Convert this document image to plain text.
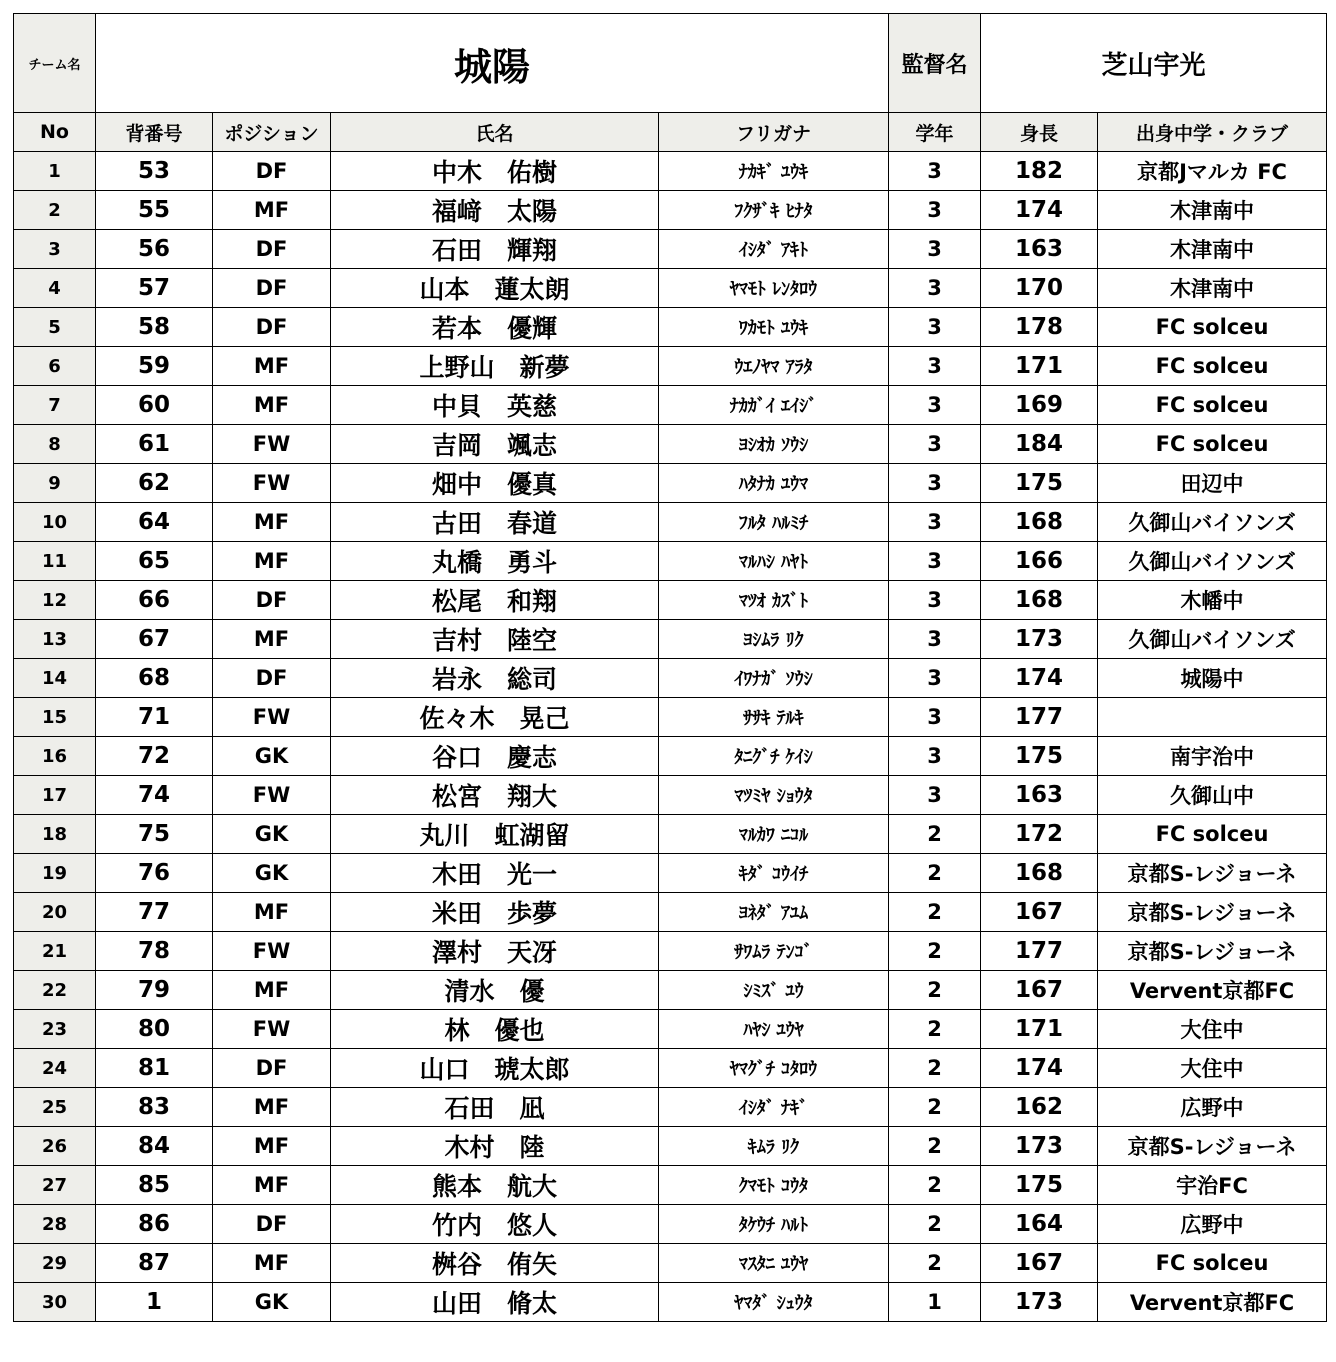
チーム名	城陽				監督名	芝山宇光	
No	背番号	ポジション	氏名	フリガナ	学年	身長	出身中学・クラブ
1	53	DF	中木　佑樹	ﾅｶｷﾞ ﾕｳｷ	3	182	京都Jマルカ FC
2	55	MF	福﨑　太陽	ﾌｸｻﾞｷ ﾋﾅﾀ	3	174	木津南中
3	56	DF	石田　輝翔	ｲｼﾀﾞ ｱｷﾄ	3	163	木津南中
4	57	DF	山本　蓮太朗	ﾔﾏﾓﾄ ﾚﾝﾀﾛｳ	3	170	木津南中
5	58	DF	若本　優輝	ﾜｶﾓﾄ ﾕｳｷ	3	178	FC solceu
6	59	MF	上野山　新夢	ｳｴﾉﾔﾏ ｱﾗﾀ	3	171	FC solceu
7	60	MF	中貝　英慈	ﾅｶｶﾞｲ ｴｲｼﾞ	3	169	FC solceu
8	61	FW	吉岡　颯志	ﾖｼｵｶ ｿｳｼ	3	184	FC solceu
9	62	FW	畑中　優真	ﾊﾀﾅｶ ﾕｳﾏ	3	175	田辺中
10	64	MF	古田　春道	ﾌﾙﾀ ﾊﾙﾐﾁ	3	168	久御山バイソンズ
11	65	MF	丸橋　勇斗	ﾏﾙﾊｼ ﾊﾔﾄ	3	166	久御山バイソンズ
12	66	DF	松尾　和翔	ﾏﾂｵ ｶｽﾞﾄ	3	168	木幡中
13	67	MF	吉村　陸空	ﾖｼﾑﾗ ﾘｸ	3	173	久御山バイソンズ
14	68	DF	岩永　総司	ｲﾜﾅｶﾞ ｿｳｼ	3	174	城陽中
15	71	FW	佐々木　晃己	ｻｻｷ ﾃﾙｷ	3	177	
16	72	GK	谷口　慶志	ﾀﾆｸﾞﾁ ｹｲｼ	3	175	南宇治中
17	74	FW	松宮　翔大	ﾏﾂﾐﾔ ｼｮｳﾀ	3	163	久御山中
18	75	GK	丸川　虹湖留	ﾏﾙｶﾜ ﾆｺﾙ	2	172	FC solceu
19	76	GK	木田　光一	ｷﾀﾞ ｺｳｲﾁ	2	168	京都S-レジョーネ
20	77	MF	米田　歩夢	ﾖﾈﾀﾞ ｱﾕﾑ	2	167	京都S-レジョーネ
21	78	FW	澤村　天冴	ｻﾜﾑﾗ ﾃﾝｺﾞ	2	177	京都S-レジョーネ
22	79	MF	清水　優	ｼﾐｽﾞ ﾕｳ	2	167	Vervent京都FC
23	80	FW	林　優也	ﾊﾔｼ ﾕｳﾔ	2	171	大住中
24	81	DF	山口　琥太郎	ﾔﾏｸﾞﾁ ｺﾀﾛｳ	2	174	大住中
25	83	MF	石田　凪	ｲｼﾀﾞ ﾅｷﾞ	2	162	広野中
26	84	MF	木村　陸	ｷﾑﾗ ﾘｸ	2	173	京都S-レジョーネ
27	85	MF	熊本　航大	ｸﾏﾓﾄ ｺｳﾀ	2	175	宇治FC
28	86	DF	竹内　悠人	ﾀｹｳﾁ ﾊﾙﾄ	2	164	広野中
29	87	MF	桝谷　侑矢	ﾏｽﾀﾆ ﾕｳﾔ	2	167	FC solceu
30	1	GK	山田　脩太	ﾔﾏﾀﾞ ｼｭｳﾀ	1	173	Vervent京都FC
